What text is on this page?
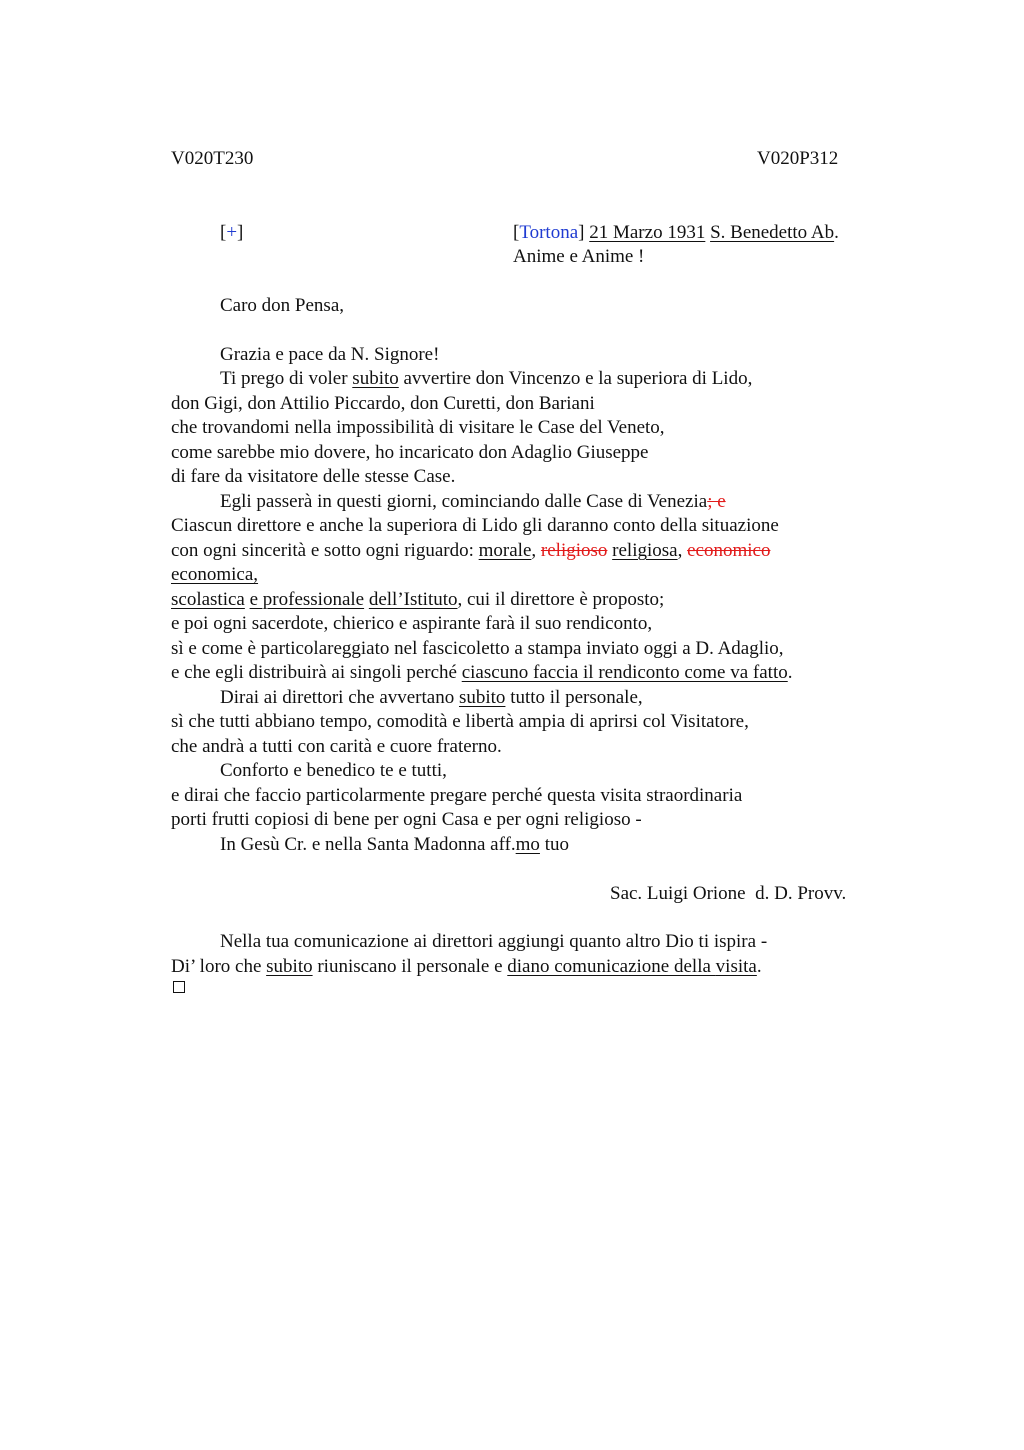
V020T230	V020P312
[+]	[Tortona] 21 Marzo 1931 S. Benedetto Ab.
Anime e Anime !
Caro don Pensa,
Grazia e pace da N. Signore!
Ti prego di voler subito avvertire don Vincenzo e la superiora di Lido,
don Gigi, don Attilio Piccardo, don Curetti, don Bariani
che trovandomi nella impossibilità di visitare le Case del Veneto,
come sarebbe mio dovere, ho incaricato don Adaglio Giuseppe
di fare da visitatore delle stesse Case.
Egli passerà in questi giorni, cominciando dalle Case di Venezia; e
Ciascun direttore e anche la superiora di Lido gli daranno conto della situazione
con ogni sincerità e sotto ogni riguardo: morale, religioso religiosa, economico
economica,
scolastica e professionale dell’Istituto, cui il direttore è proposto;
e poi ogni sacerdote, chierico e aspirante farà il suo rendiconto,
sì e come è particolareggiato nel fascicoletto a stampa inviato oggi a D. Adaglio,
e che egli distribuirà ai singoli perché ciascuno faccia il rendiconto come va fatto.
Dirai ai direttori che avvertano subito tutto il personale,
sì che tutti abbiano tempo, comodità e libertà ampia di aprirsi col Visitatore,
che andrà a tutti con carità e cuore fraterno.
Conforto e benedico te e tutti,
e dirai che faccio particolarmente pregare perché questa visita straordinaria
porti frutti copiosi di bene per ogni Casa e per ogni religioso -
In Gesù Cr. e nella Santa Madonna aff.mo tuo
Sac. Luigi Orione  d. D. Provv.
Nella tua comunicazione ai direttori aggiungi quanto altro Dio ti ispira -
Di’ loro che subito riuniscano il personale e diano comunicazione della visita.
